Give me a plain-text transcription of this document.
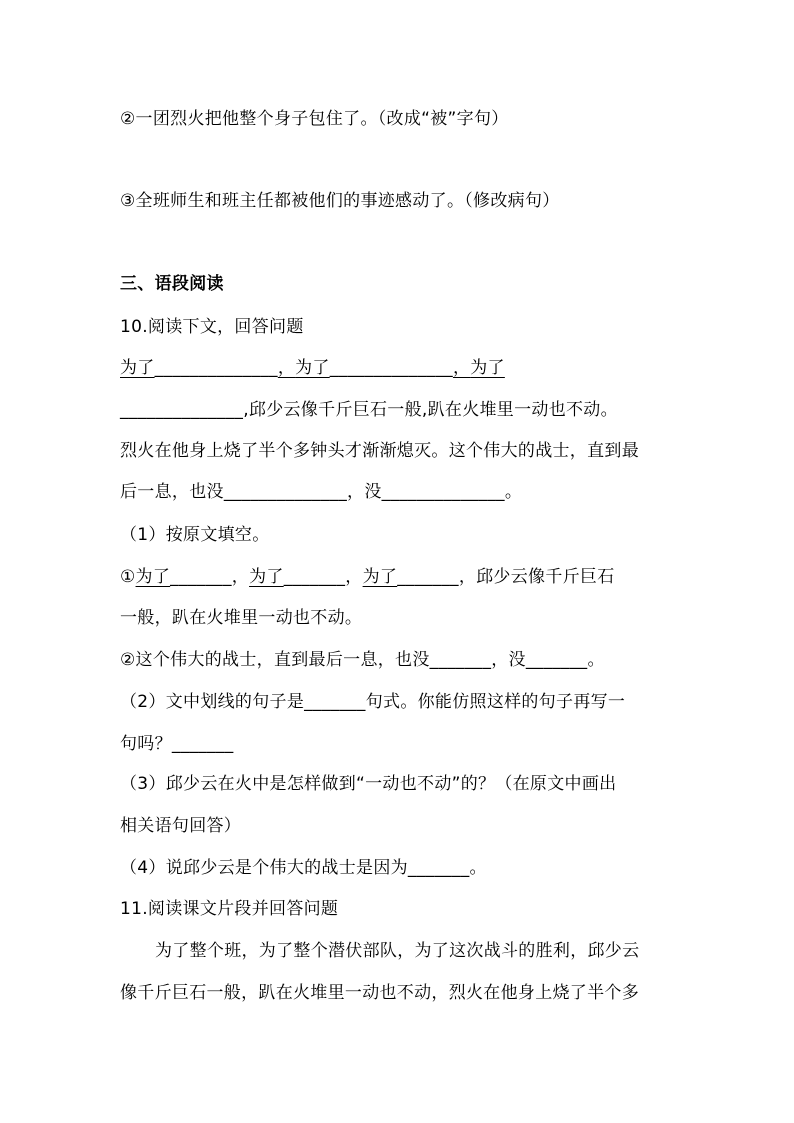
②一团烈火把他整个身子包住了。（改成“被”字句）
③全班师生和班主任都被他们的事迹感动了。（修改病句）
三、语段阅读
10.阅读下文，回答问题
为了______________，为了______________，为了
______________,邱少云像千斤巨石一般,趴在火堆里一动也不动。
烈火在他身上烧了半个多钟头才渐渐熄灭。这个伟大的战士，直到最
后一息，也没______________，没______________。
（1）按原文填空。
①为了_______，为了_______，为了_______，邱少云像千斤巨石
一般，趴在火堆里一动也不动。
②这个伟大的战士，直到最后一息，也没_______，没_______。
（2）文中划线的句子是_______句式。你能仿照这样的句子再写一
句吗？_______
（3）邱少云在火中是怎样做到“一动也不动”的？（在原文中画出
相关语句回答）
（4）说邱少云是个伟大的战士是因为_______。
11.阅读课文片段并回答问题
为了整个班，为了整个潜伏部队，为了这次战斗的胜利，邱少云
像千斤巨石一般，趴在火堆里一动也不动，烈火在他身上烧了半个多
